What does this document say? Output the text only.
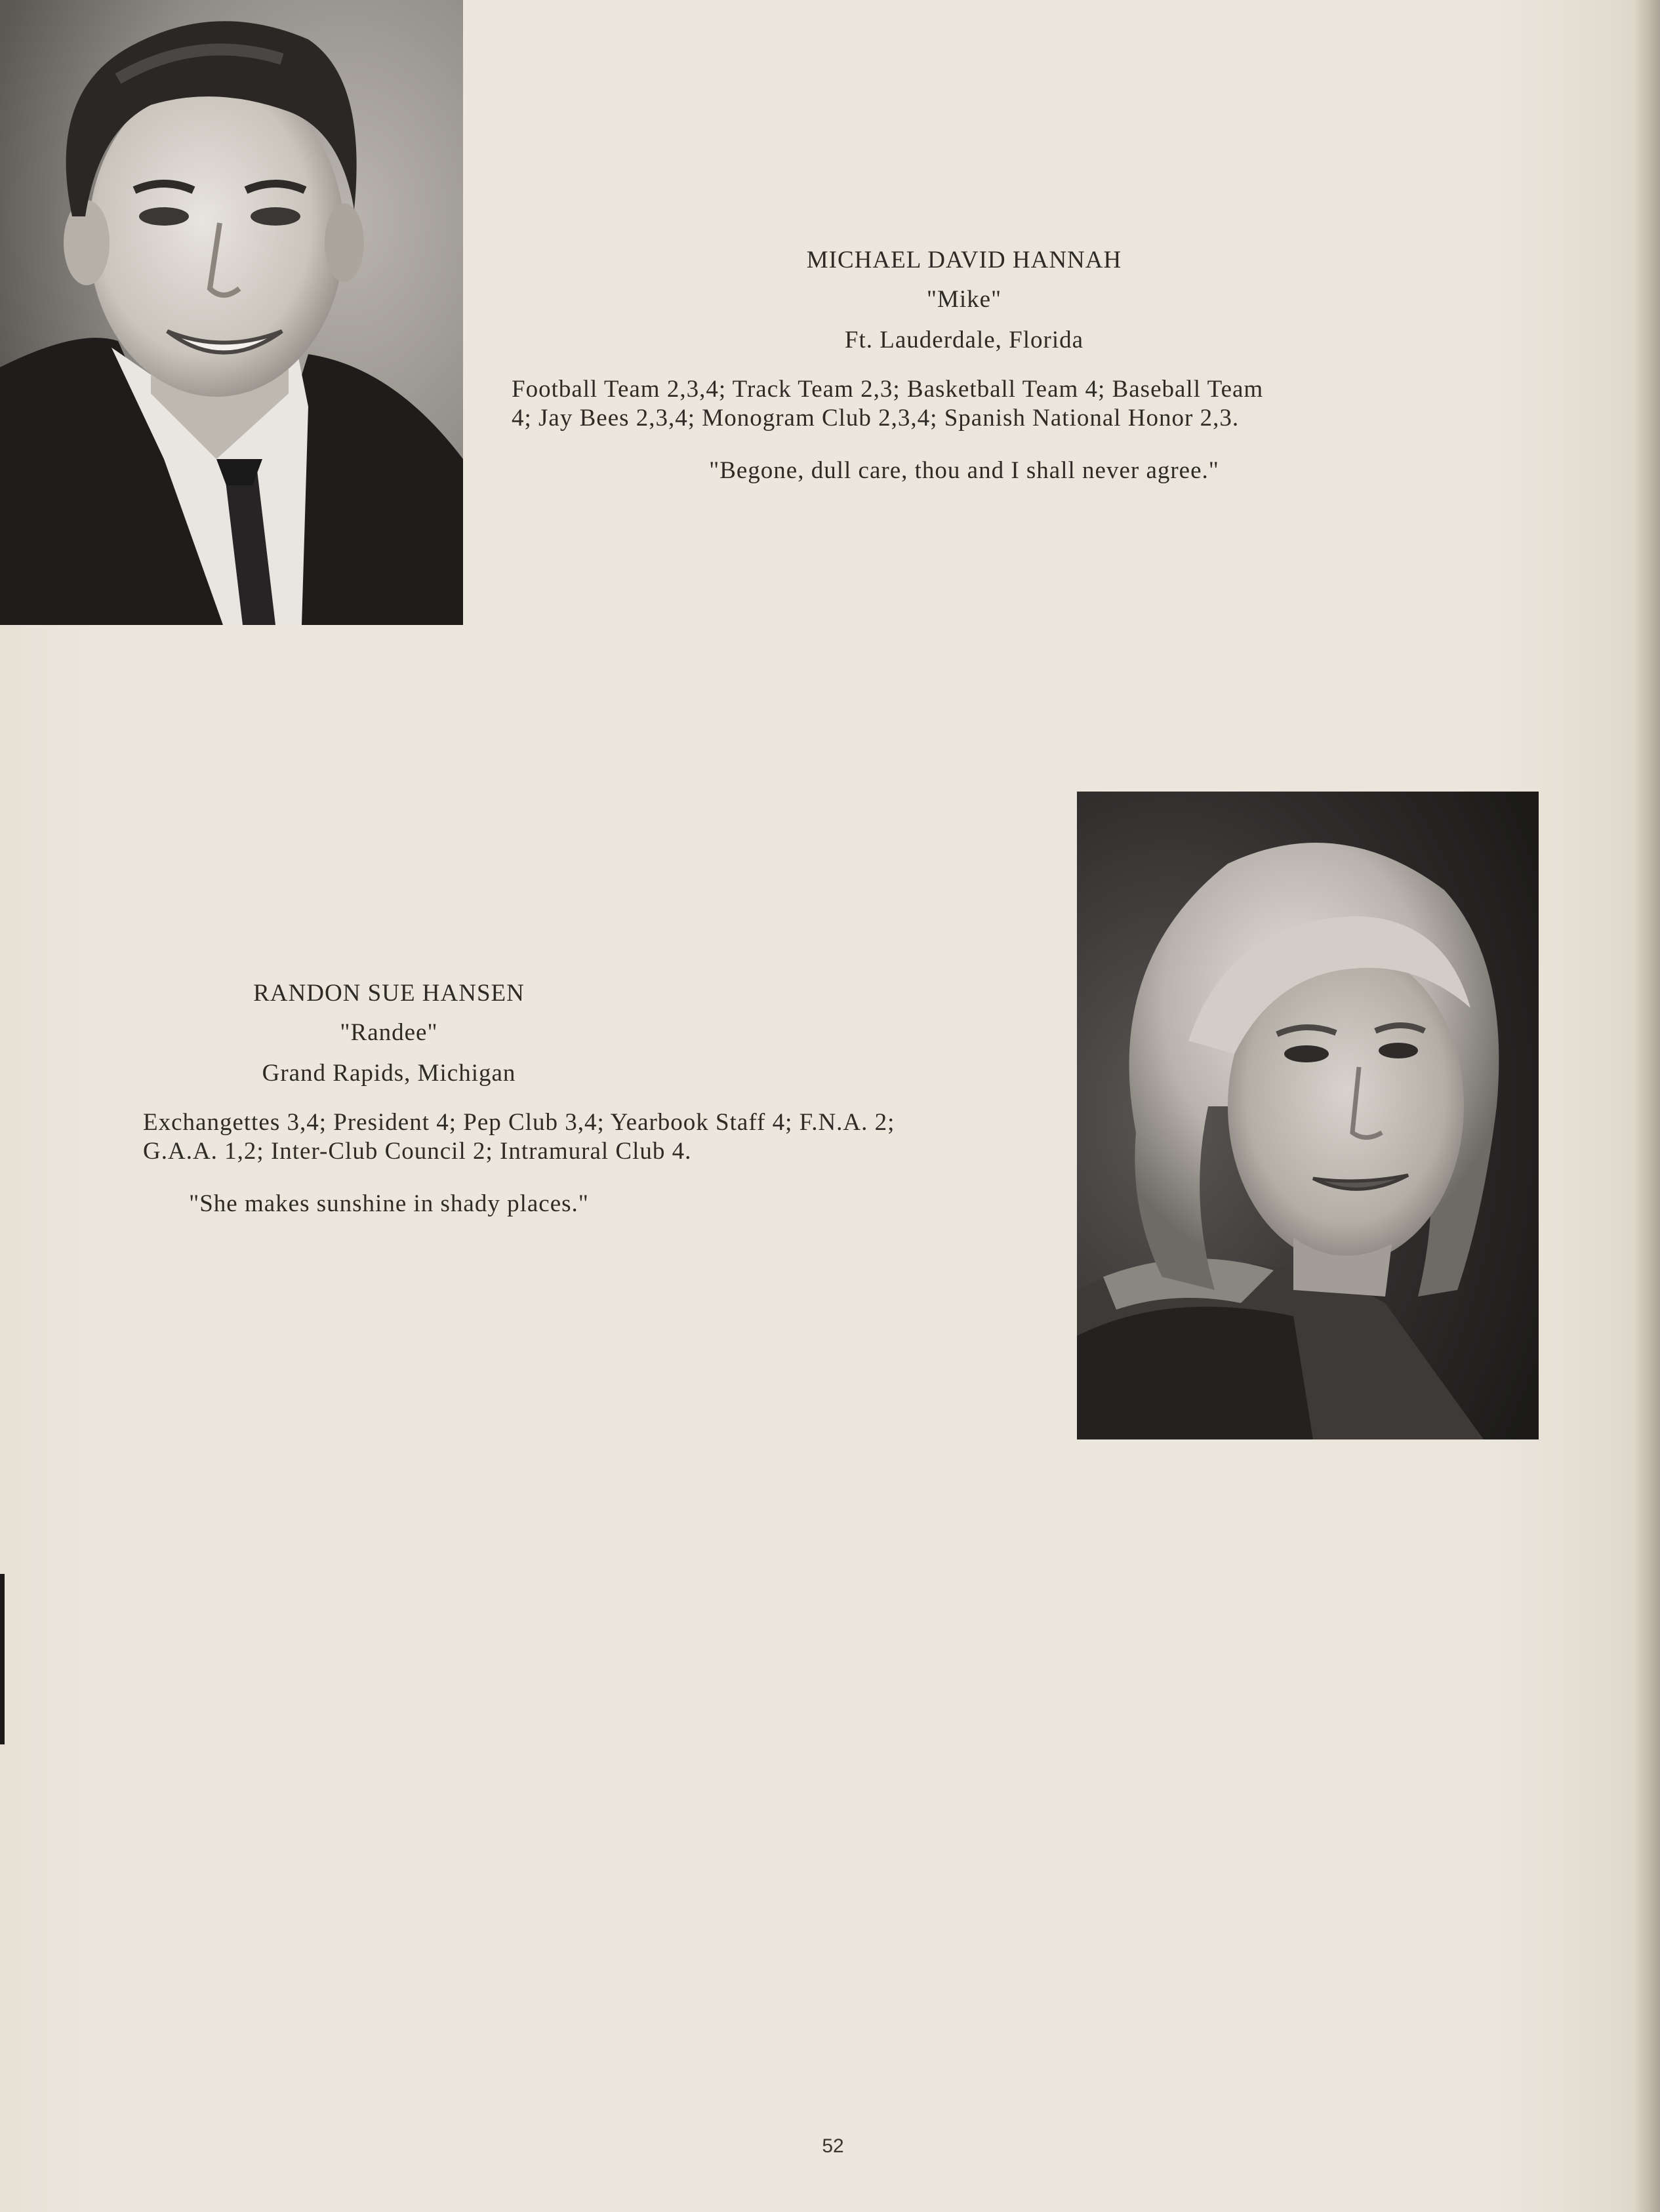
MICHAEL DAVID HANNAH

"Mike"

Ft. Lauderdale, Florida

Football Team 2,3,4; Track Team 2,3; Basketball Team 4; Baseball Team

4; Jay Bees 2,3,4; Monogram Club 2,3,4; Spanish National Honor 2,3.

"Begone, dull care, thou and I shall never agree."

RANDON SUE HANSEN

"Randee"

Grand Rapids, Michigan

Exchangettes 3,4; President 4; Pep Club 3,4; Yearbook Staff 4; F.N.A. 2;

G.A.A. 1,2; Inter-Club Council 2; Intramural Club 4.

"She makes sunshine in shady places."

52
